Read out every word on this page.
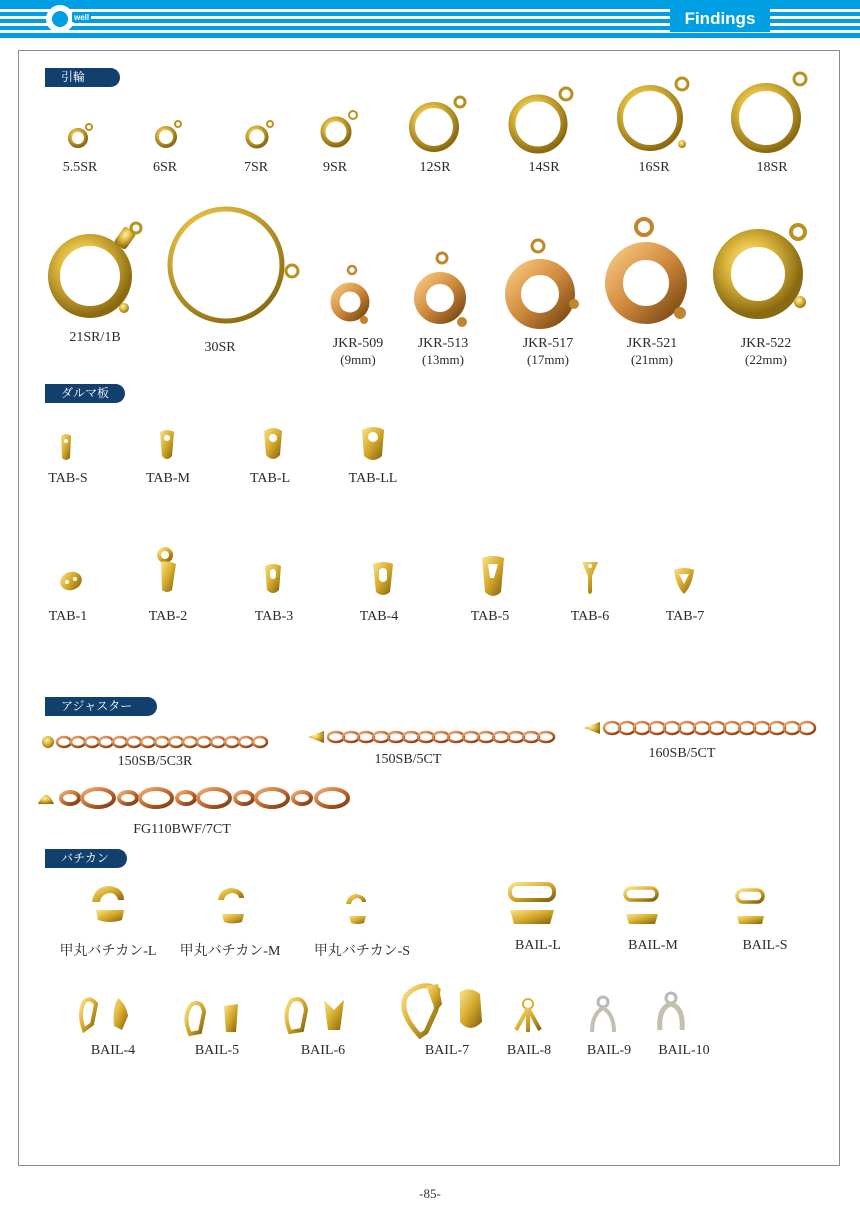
well	Findings
引輪
5.5SR	6SR	7SR	9SR	12SR	14SR	16SR	18SR
21SR/1B
30SR	JKR-509
(9mm)
JKR-513
(13mm)
JKR-517
(17mm)
JKR-521
(21mm)
JKR-522
(22mm)
ダルマ板
TAB-S	TAB-M	TAB-L	TAB-LL
TAB-1	TAB-2	TAB-3	TAB-4	TAB-5	TAB-6	TAB-7
アジャスター
150SB/5C3R	150SB/5CT	160SB/5CT
FG110BWF/7CT
バチカン
甲丸バチカン-L	甲丸バチカン-M	甲丸バチカン-S	BAIL-L	BAIL-M	BAIL-S
BAIL-4	BAIL-5	BAIL-6	BAIL-7	BAIL-8	BAIL-9	BAIL-10
-85-
